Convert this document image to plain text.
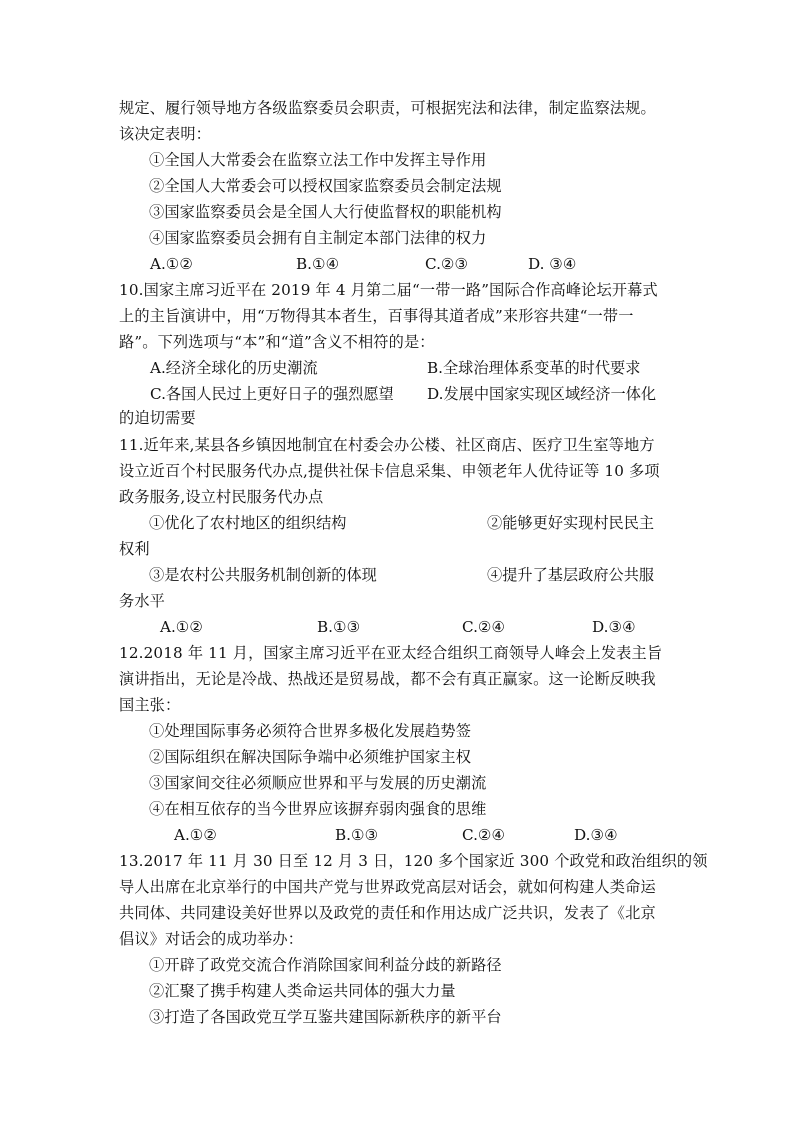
规定、履行领导地方各级监察委员会职责，可根据宪法和法律，制定监察法规。
该决定表明：
①全国人大常委会在监察立法工作中发挥主导作用
②全国人大常委会可以授权国家监察委员会制定法规
③国家监察委员会是全国人大行使监督权的职能机构
④国家监察委员会拥有自主制定本部门法律的权力
A.①②	B.①④	C.②③	D. ③④
10.国家主席习近平在 2019 年 4 月第二届“一带一路”国际合作高峰论坛开幕式
上的主旨演讲中，用“万物得其本者生，百事得其道者成”来形容共建“一带一
路”。下列选项与“本”和“道”含义不相符的是：
A.经济全球化的历史潮流	B.全球治理体系变革的时代要求
C.各国人民过上更好日子的强烈愿望 D.发展中国家实现区域经济一体化
的迫切需要
11.近年来,某县各乡镇因地制宜在村委会办公楼、社区商店、医疗卫生室等地方
设立近百个村民服务代办点,提供社保卡信息采集、申领老年人优待证等 10 多项
政务服务,设立村民服务代办点
①优化了农村地区的组织结构	②能够更好实现村民民主
权利
③是农村公共服务机制创新的体现	④提升了基层政府公共服
务水平
A.①②	B.①③	C.②④	D.③④
12.2018 年 11 月，国家主席习近平在亚太经合组织工商领导人峰会上发表主旨
演讲指出，无论是冷战、热战还是贸易战，都不会有真正赢家。这一论断反映我
国主张：
①处理国际事务必须符合世界多极化发展趋势签
②国际组织在解决国际争端中必须维护国家主权
③国家间交往必须顺应世界和平与发展的历史潮流
④在相互依存的当今世界应该摒弃弱肉强食的思维
A.①②	B.①③	C.②④	D.③④
13.2017 年 11 月 30 日至 12 月 3 日，120 多个国家近 300 个政党和政治组织的领
导人出席在北京举行的中国共产党与世界政党高层对话会，就如何构建人类命运
共同体、共同建设美好世界以及政党的责任和作用达成广泛共识，发表了《北京
倡议》对话会的成功举办：
①开辟了政党交流合作消除国家间利益分歧的新路径
②汇聚了携手构建人类命运共同体的强大力量
③打造了各国政党互学互鉴共建国际新秩序的新平台
